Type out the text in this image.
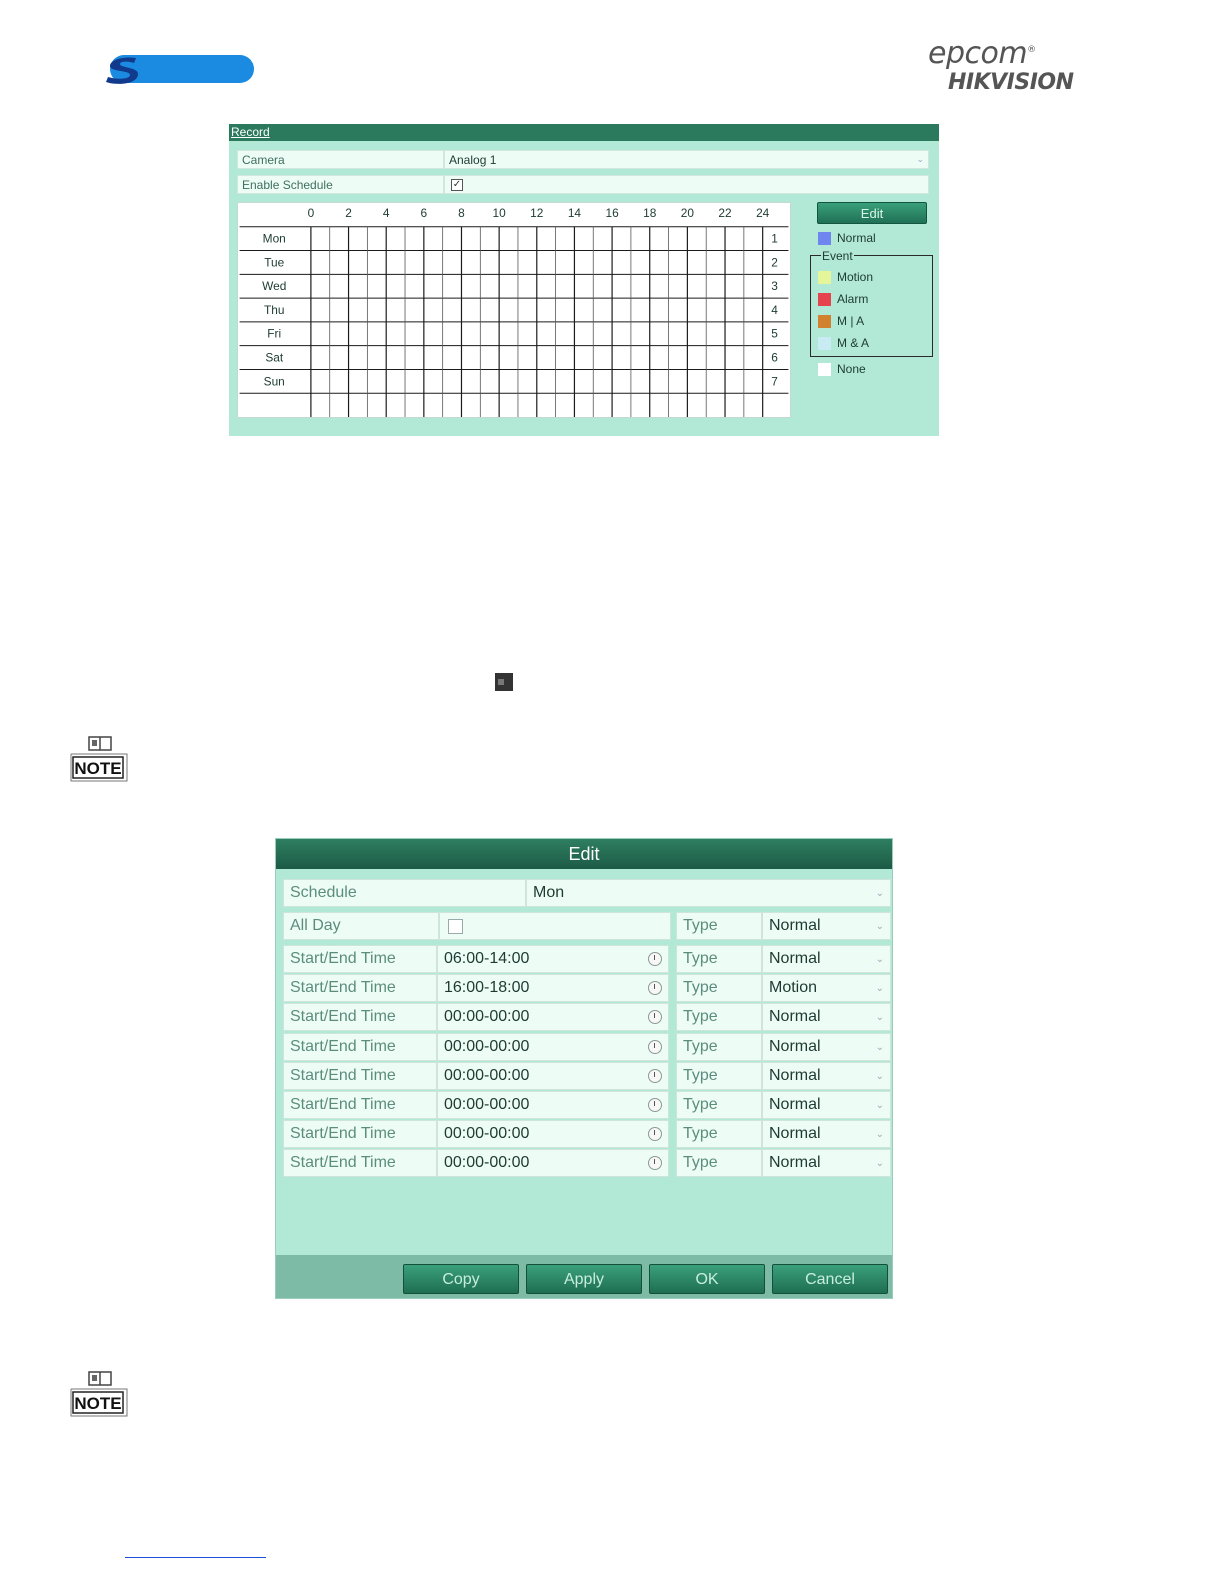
epcom®
HIKVISION
Record
Camera	Analog 1	⌄
Enable Schedule	✓
0	2	4	6	8 10 12 14 16 18 20 22 24
Mon	1
Tue	2
Wed	3
Thu	4
Fri	5
Sat	6
Sun	7
Edit
Normal
Event
Motion
Alarm
M | A
M & A
None
NOTE
Edit
Schedule	Mon	⌄
All Day	Type	Normal	⌄
Start/End Time	06:00-14:00	Type	Normal	⌄
Start/End Time	16:00-18:00	Type	Motion	⌄
Start/End Time	00:00-00:00	Type	Normal	⌄
Start/End Time	00:00-00:00	Type	Normal	⌄
Start/End Time	00:00-00:00	Type	Normal	⌄
Start/End Time	00:00-00:00	Type	Normal	⌄
Start/End Time	00:00-00:00	Type	Normal	⌄
Start/End Time	00:00-00:00	Type	Normal	⌄
Copy	Apply	OK	Cancel
NOTE
